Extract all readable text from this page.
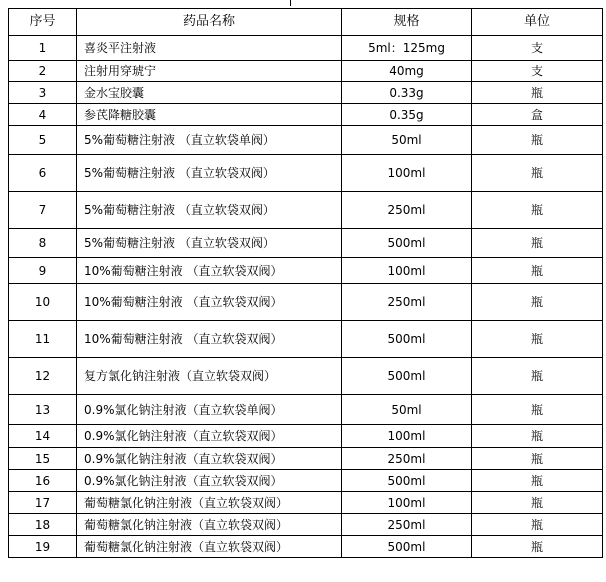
序号	药品名称	规格	单位
1	喜炎平注射液	5ml：125mg	支
2	注射用穿琥宁	40mg	支
3	金水宝胶囊	0.33g	瓶
4	参芪降糖胶囊	0.35g	盒
5	5%葡萄糖注射液 （直立软袋单阀）	50ml	瓶
6	5%葡萄糖注射液 （直立软袋双阀）	100ml	瓶
7	5%葡萄糖注射液 （直立软袋双阀）	250ml	瓶
8	5%葡萄糖注射液 （直立软袋双阀）	500ml	瓶
9	10%葡萄糖注射液 （直立软袋双阀）	100ml	瓶
10	10%葡萄糖注射液 （直立软袋双阀）	250ml	瓶
11	10%葡萄糖注射液 （直立软袋双阀）	500ml	瓶
12	复方氯化钠注射液（直立软袋双阀）	500ml	瓶
13	0.9%氯化钠注射液（直立软袋单阀）	50ml	瓶
14	0.9%氯化钠注射液（直立软袋双阀）	100ml	瓶
15	0.9%氯化钠注射液（直立软袋双阀）	250ml	瓶
16	0.9%氯化钠注射液（直立软袋双阀）	500ml	瓶
17	葡萄糖氯化钠注射液（直立软袋双阀）	100ml	瓶
18	葡萄糖氯化钠注射液（直立软袋双阀）	250ml	瓶
19	葡萄糖氯化钠注射液（直立软袋双阀）	500ml	瓶
